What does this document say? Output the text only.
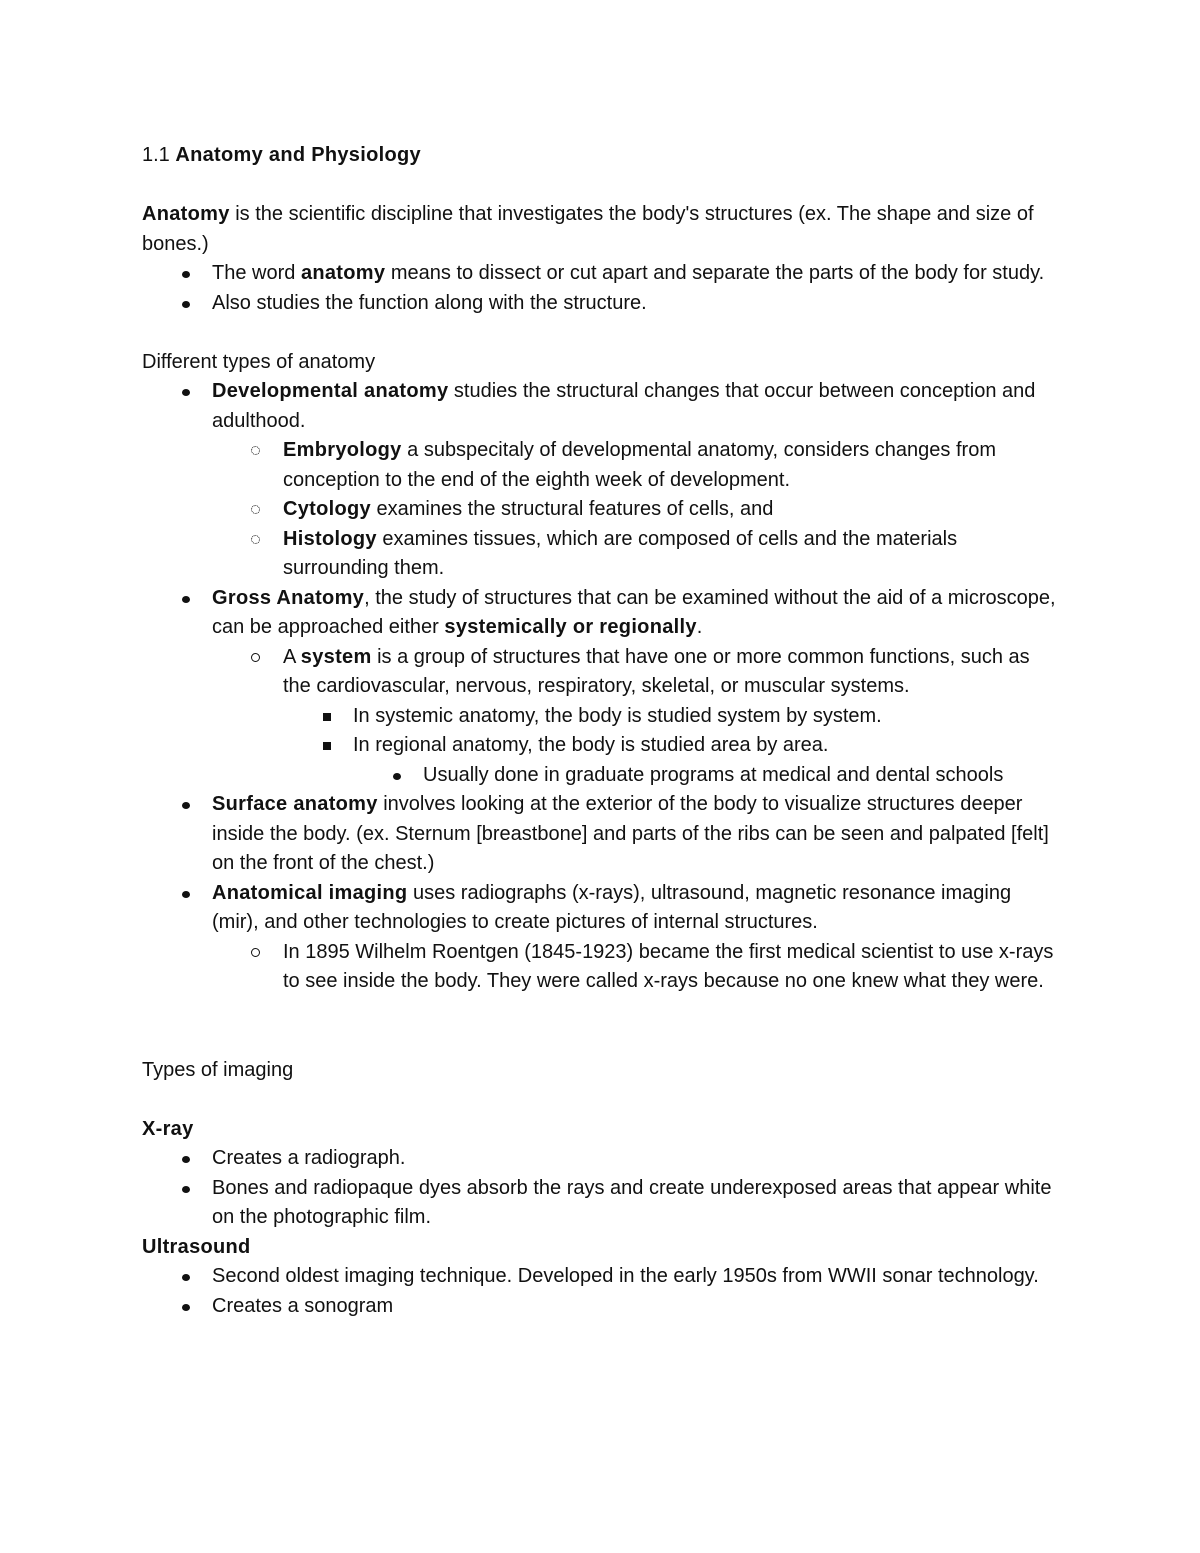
1.1 Anatomy and Physiology

Anatomy is the scientific discipline that investigates the body's structures (ex. The shape and size of bones.)

The word anatomy means to dissect or cut apart and separate the parts of the body for study.
Also studies the function along with the structure.

Different types of anatomy

Developmental anatomy studies the structural changes that occur between conception and adulthood.
Embryology a subspecitaly of developmental anatomy, considers changes from conception to the end of the eighth week of development.
Cytology examines the structural features of cells, and
Histology examines tissues, which are composed of cells and the materials surrounding them.
Gross Anatomy, the study of structures that can be examined without the aid of a microscope, can be approached either systemically or regionally.
A system is a group of structures that have one or more common functions, such as the cardiovascular, nervous, respiratory, skeletal, or muscular systems.
In systemic anatomy, the body is studied system by system.
In regional anatomy, the body is studied area by area.
Usually done in graduate programs at medical and dental schools
Surface anatomy involves looking at the exterior of the body to visualize structures deeper inside the body. (ex. Sternum [breastbone] and parts of the ribs can be seen and palpated [felt] on the front of the chest.)
Anatomical imaging uses radiographs (x-rays), ultrasound, magnetic resonance imaging (mir), and other technologies to create pictures of internal structures.
In 1895 Wilhelm Roentgen (1845-1923) became the first medical scientist to use x-rays to see inside the body. They were called x-rays because no one knew what they were.

Types of imaging

X-ray

Creates a radiograph.
Bones and radiopaque dyes absorb the rays and create underexposed areas that appear white on the photographic film.

Ultrasound

Second oldest imaging technique. Developed in the early 1950s from WWII sonar technology.
Creates a sonogram
